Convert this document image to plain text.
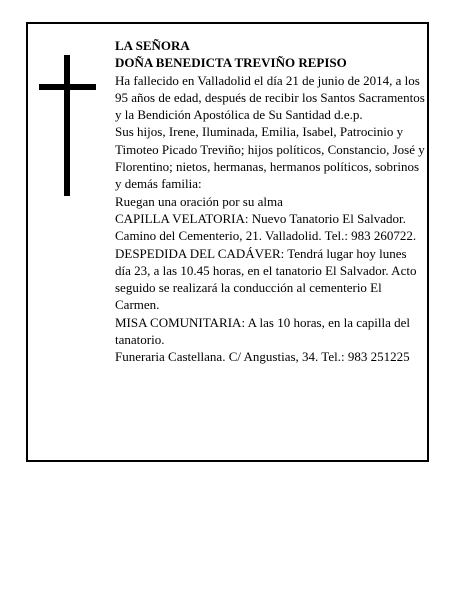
LA SEÑORA

DOÑA BENEDICTA TREVIÑO REPISO

Ha fallecido en Valladolid el día 21 de junio de 2014, a los 95 años de edad, después de recibir los Santos Sacramentos y la Bendición Apostólica de Su Santidad d.e.p.

Sus hijos, Irene, Iluminada, Emilia, Isabel, Patrocinio y Timoteo Picado Treviño; hijos políticos, Constancio, José y Florentino; nietos, hermanas, hermanos políticos, sobrinos y demás familia:

Ruegan una oración por su alma

CAPILLA VELATORIA: Nuevo Tanatorio El Salvador. Camino del Cementerio, 21. Valladolid. Tel.: 983 260722.

DESPEDIDA DEL CADÁVER: Tendrá lugar hoy lunes día 23, a las 10.45 horas, en el tanatorio El Salvador. Acto seguido se realizará la conducción al cementerio El Carmen.

MISA COMUNITARIA: A las 10 horas, en la capilla del tanatorio.

Funeraria Castellana. C/ Angustias, 34. Tel.: 983 251225
